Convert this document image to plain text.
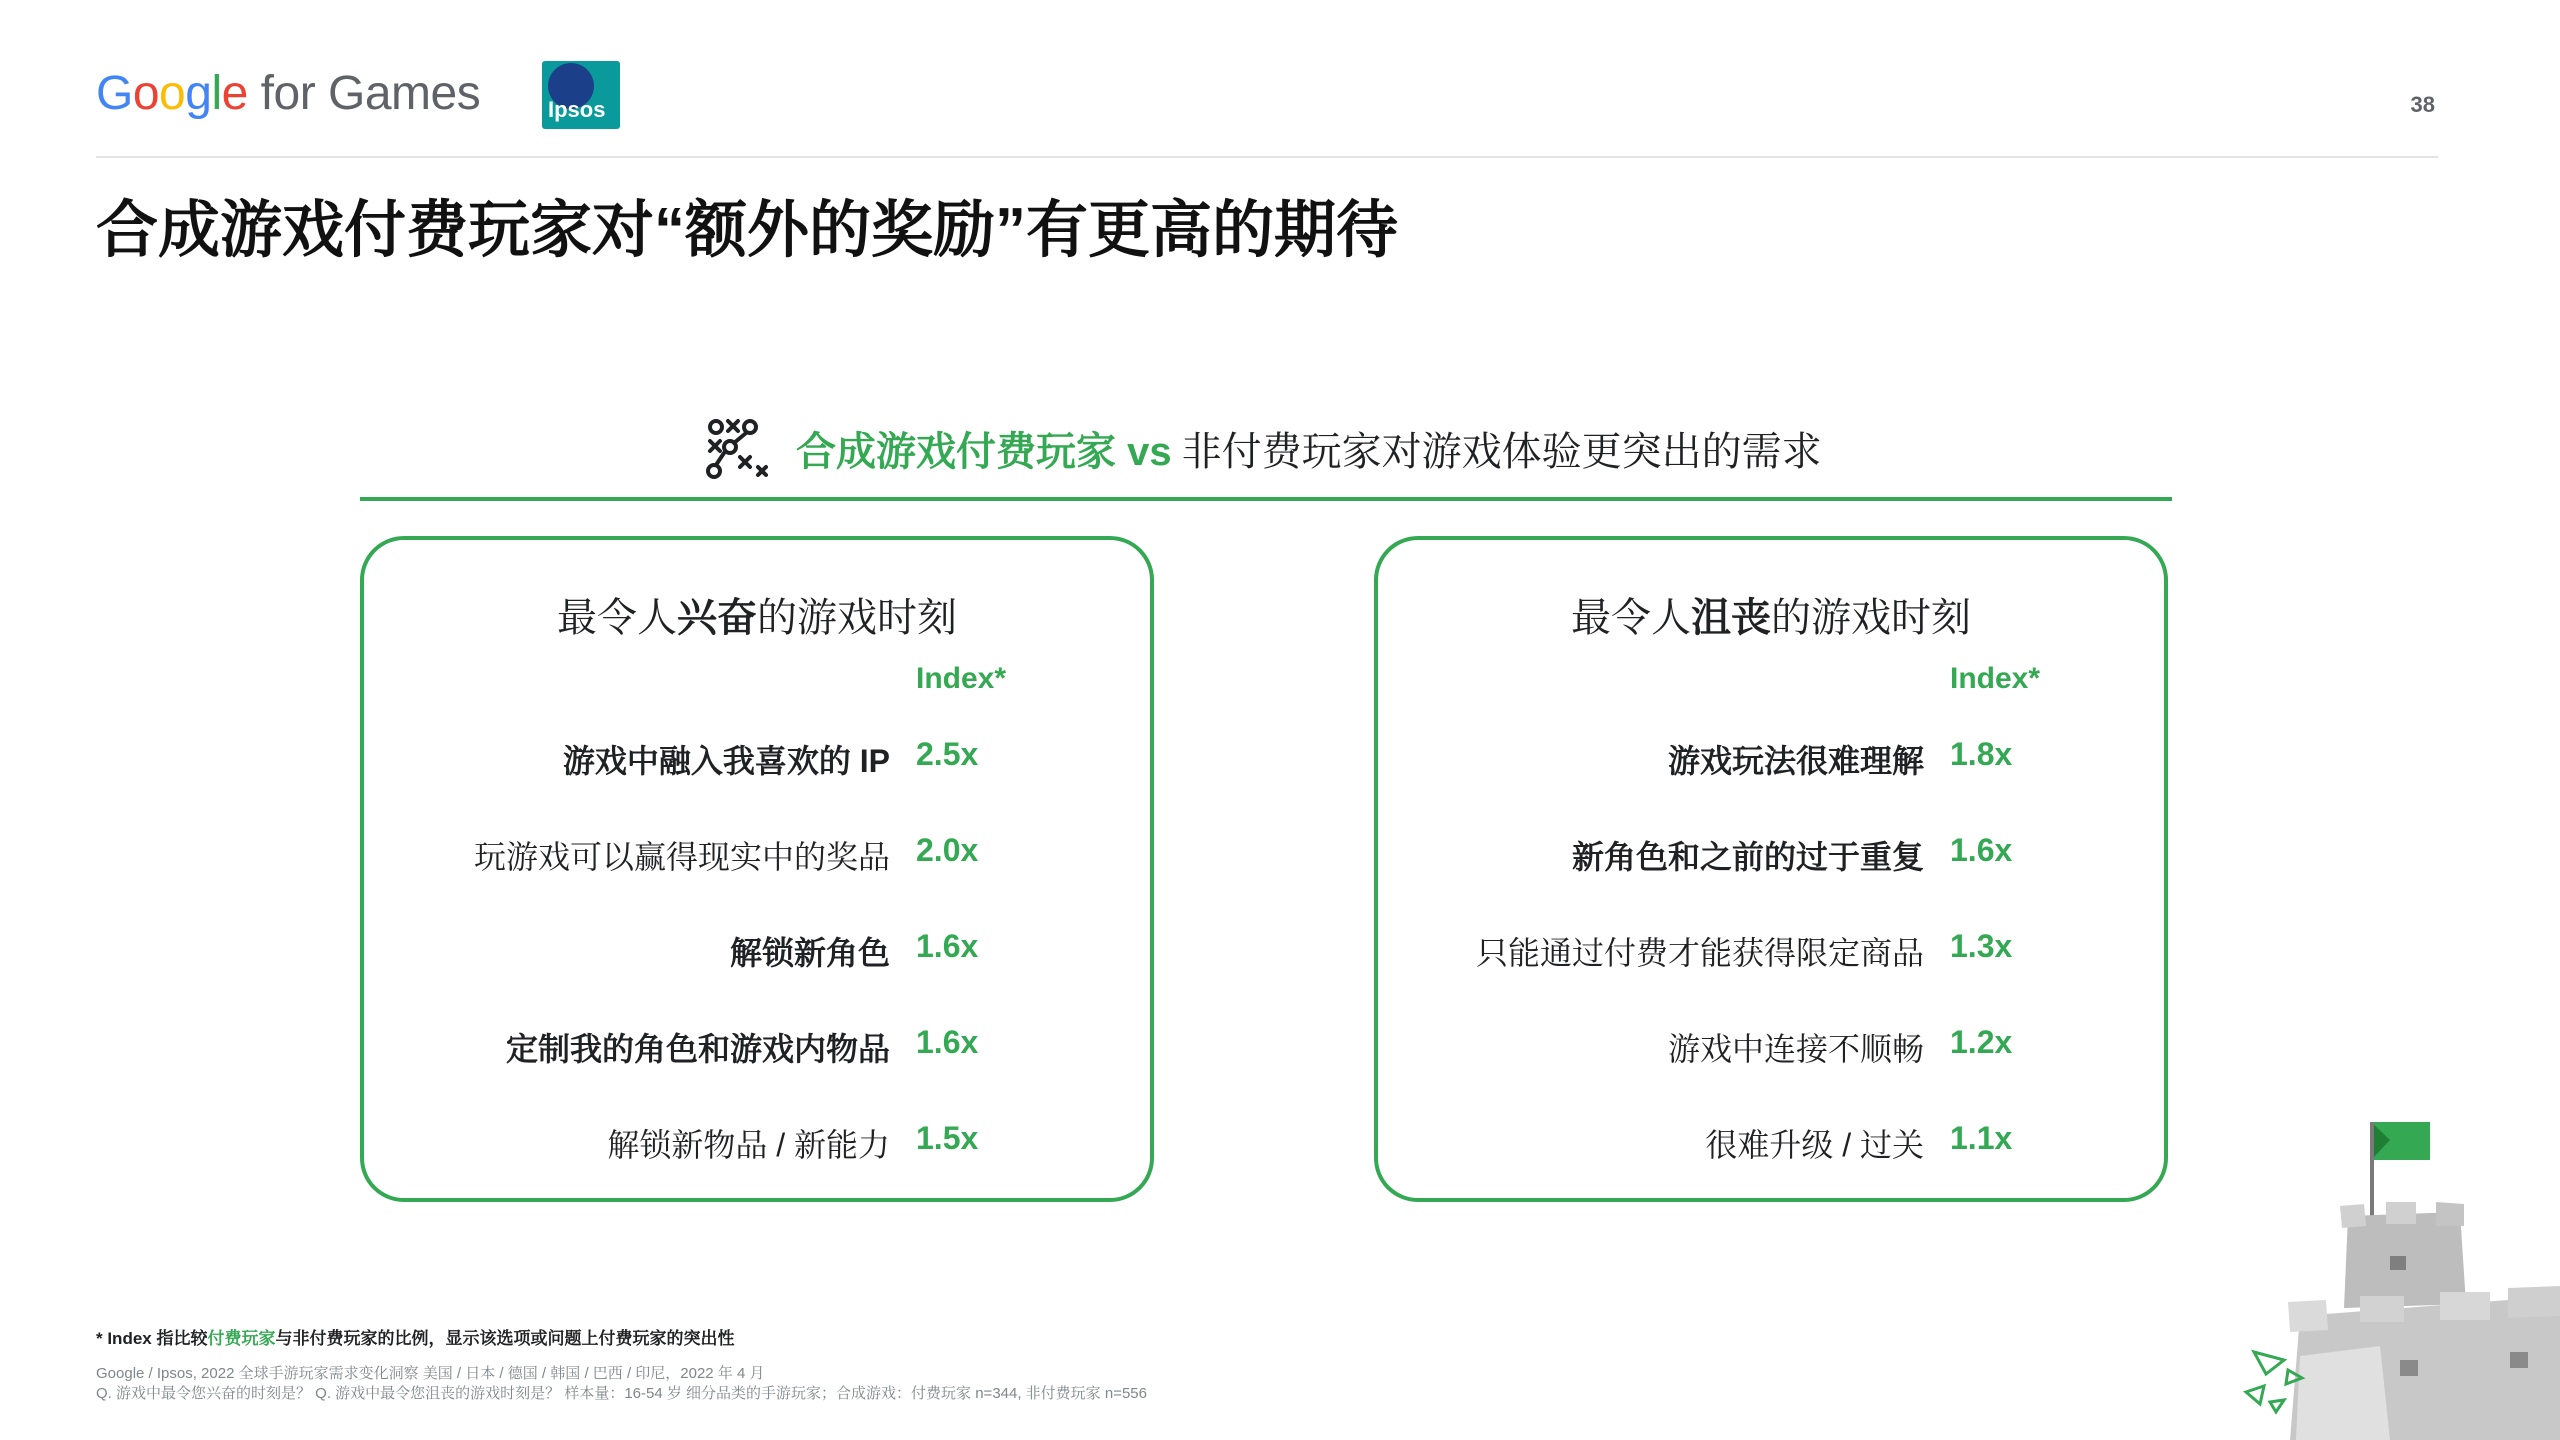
Google for Games	Ipsos	38
合成游戏付费玩家对“额外的奖励”有更高的期待
合成游戏付费玩家 vs 非付费玩家对游戏体验更突出的需求
最令人兴奋的游戏时刻
Index*
游戏中融入我喜欢的 IP 2.5x
玩游戏可以赢得现实中的奖品 2.0x
解锁新角色 1.6x
定制我的角色和游戏内物品 1.6x
解锁新物品 / 新能力 1.5x
最令人沮丧的游戏时刻
Index*
游戏玩法很难理解 1.8x
新角色和之前的过于重复 1.6x
只能通过付费才能获得限定商品 1.3x
游戏中连接不顺畅 1.2x
很难升级 / 过关 1.1x
* Index 指比较付费玩家与非付费玩家的比例，显示该选项或问题上付费玩家的突出性
Google / Ipsos, 2022 全球手游玩家需求变化洞察 美国 / 日本 / 德国 / 韩国 / 巴西 / 印尼，2022 年 4 月
Q. 游戏中最令您兴奋的时刻是？ Q. 游戏中最令您沮丧的游戏时刻是？ 样本量：16-54 岁 细分品类的手游玩家；合成游戏：付费玩家 n=344, 非付费玩家 n=556
